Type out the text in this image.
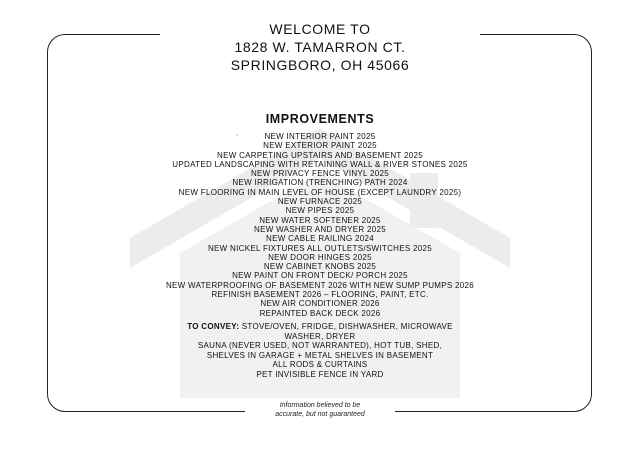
WELCOME TO
1828 W. TAMARRON CT.
SPRINGBORO, OH 45066
IMPROVEMENTS
·	NEW INTERIOR PAINT 2025
NEW EXTERIOR PAINT 2025
NEW CARPETING UPSTAIRS AND BASEMENT 2025
UPDATED LANDSCAPING WITH RETAINING WALL & RIVER STONES 2025
NEW PRIVACY FENCE VINYL 2025
NEW IRRIGATION (TRENCHING) PATH 2024
NEW FLOORING IN MAIN LEVEL OF HOUSE (EXCEPT LAUNDRY 2025)
NEW FURNACE 2025
NEW PIPES 2025
NEW WATER SOFTENER 2025
NEW WASHER AND DRYER 2025
NEW CABLE RAILING 2024
NEW NICKEL FIXTURES ALL OUTLETS/SWITCHES 2025
NEW DOOR HINGES 2025
NEW CABINET KNOBS 2025
NEW PAINT ON FRONT DECK/ PORCH 2025
NEW WATERPROOFING OF BASEMENT 2026 WITH NEW SUMP PUMPS 2026
REFINISH BASEMENT 2026 – FLOORING, PAINT, ETC.
NEW AIR CONDITIONER 2026
REPAINTED BACK DECK 2026
TO CONVEY: STOVE/OVEN, FRIDGE, DISHWASHER, MICROWAVE
WASHER, DRYER
SAUNA (NEVER USED, NOT WARRANTED), HOT TUB, SHED,
SHELVES IN GARAGE + METAL SHELVES IN BASEMENT
ALL RODS & CURTAINS
PET INVISIBLE FENCE IN YARD
Information believed to be
accurate, but not guaranteed
